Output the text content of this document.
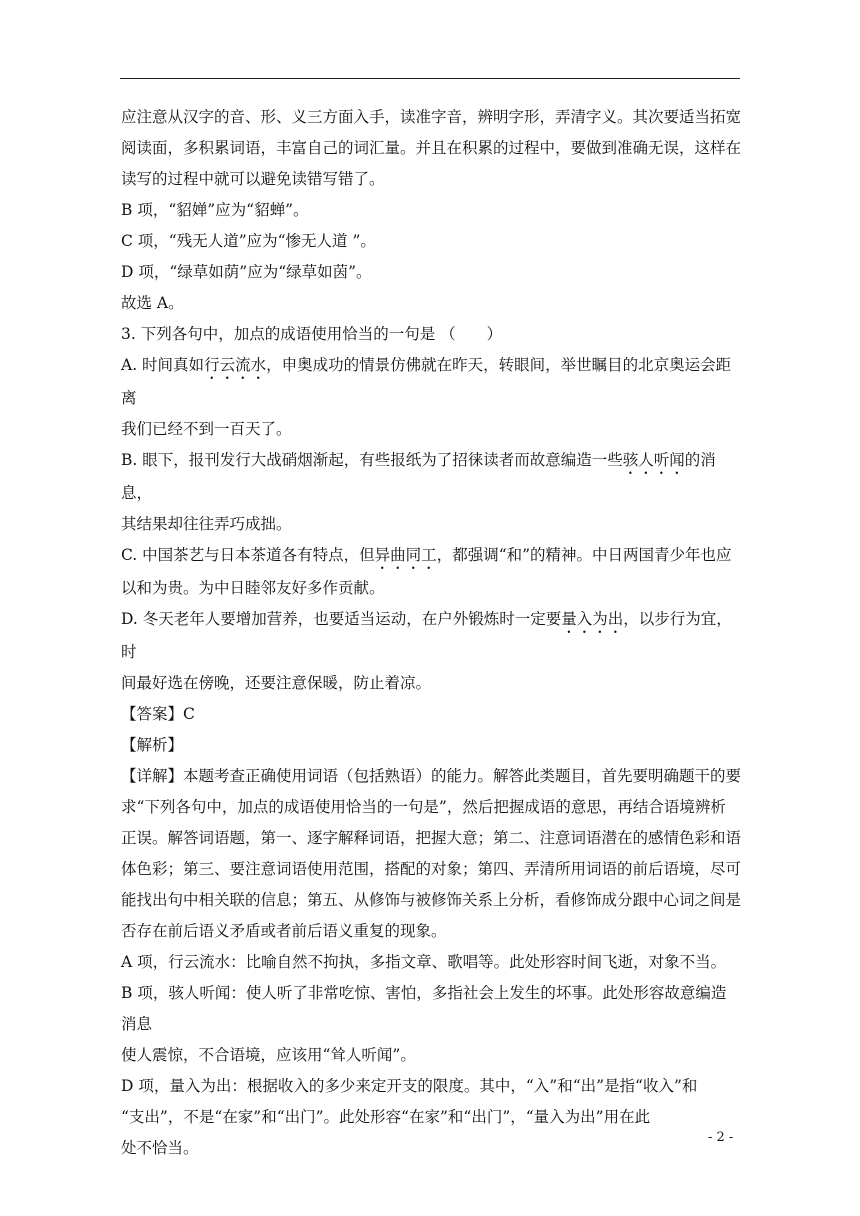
应注意从汉字的音、形、义三方面入手，读准字音，辨明字形，弄清字义。其次要适当拓宽

阅读面，多积累词语，丰富自己的词汇量。并且在积累的过程中，要做到准确无误，这样在

读写的过程中就可以避免读错写错了。

B 项，“貂婵”应为“貂蝉”。

C 项，“残无人道”应为“惨无人道 ”。

D 项，“绿草如荫”应为“绿草如茵”。

故选 A。

3. 下列各句中，加点的成语使用恰当的一句是 （　　）

A. 时间真如行云流水，申奥成功的情景仿佛就在昨天，转眼间，举世瞩目的北京奥运会距离

我们已经不到一百天了。

B. 眼下，报刊发行大战硝烟渐起，有些报纸为了招徕读者而故意编造一些骇人听闻的消息，

其结果却往往弄巧成拙。

C. 中国茶艺与日本茶道各有特点，但异曲同工，都强调“和”的精神。中日两国青少年也应

以和为贵。为中日睦邻友好多作贡献。

D. 冬天老年人要增加营养，也要适当运动，在户外锻炼时一定要量入为出，以步行为宜，时

间最好选在傍晚，还要注意保暖，防止着凉。

【答案】C

【解析】

【详解】本题考查正确使用词语（包括熟语）的能力。解答此类题目，首先要明确题干的要

求“下列各句中，加点的成语使用恰当的一句是”，然后把握成语的意思，再结合语境辨析

正误。解答词语题，第一、逐字解释词语，把握大意；第二、注意词语潜在的感情色彩和语

体色彩；第三、要注意词语使用范围，搭配的对象；第四、弄清所用词语的前后语境，尽可

能找出句中相关联的信息；第五、从修饰与被修饰关系上分析，看修饰成分跟中心词之间是

否存在前后语义矛盾或者前后语义重复的现象。

A 项，行云流水：比喻自然不拘执，多指文章、歌唱等。此处形容时间飞逝，对象不当。

B 项，骇人听闻：使人听了非常吃惊、害怕，多指社会上发生的坏事。此处形容故意编造消息

使人震惊，不合语境，应该用“耸人听闻”。

D 项，量入为出：根据收入的多少来定开支的限度。其中，“入”和“出”是指“收入”和

“支出”，不是“在家”和“出门”。此处形容“在家”和“出门”，“量入为出”用在此

处不恰当。

- 2 -
